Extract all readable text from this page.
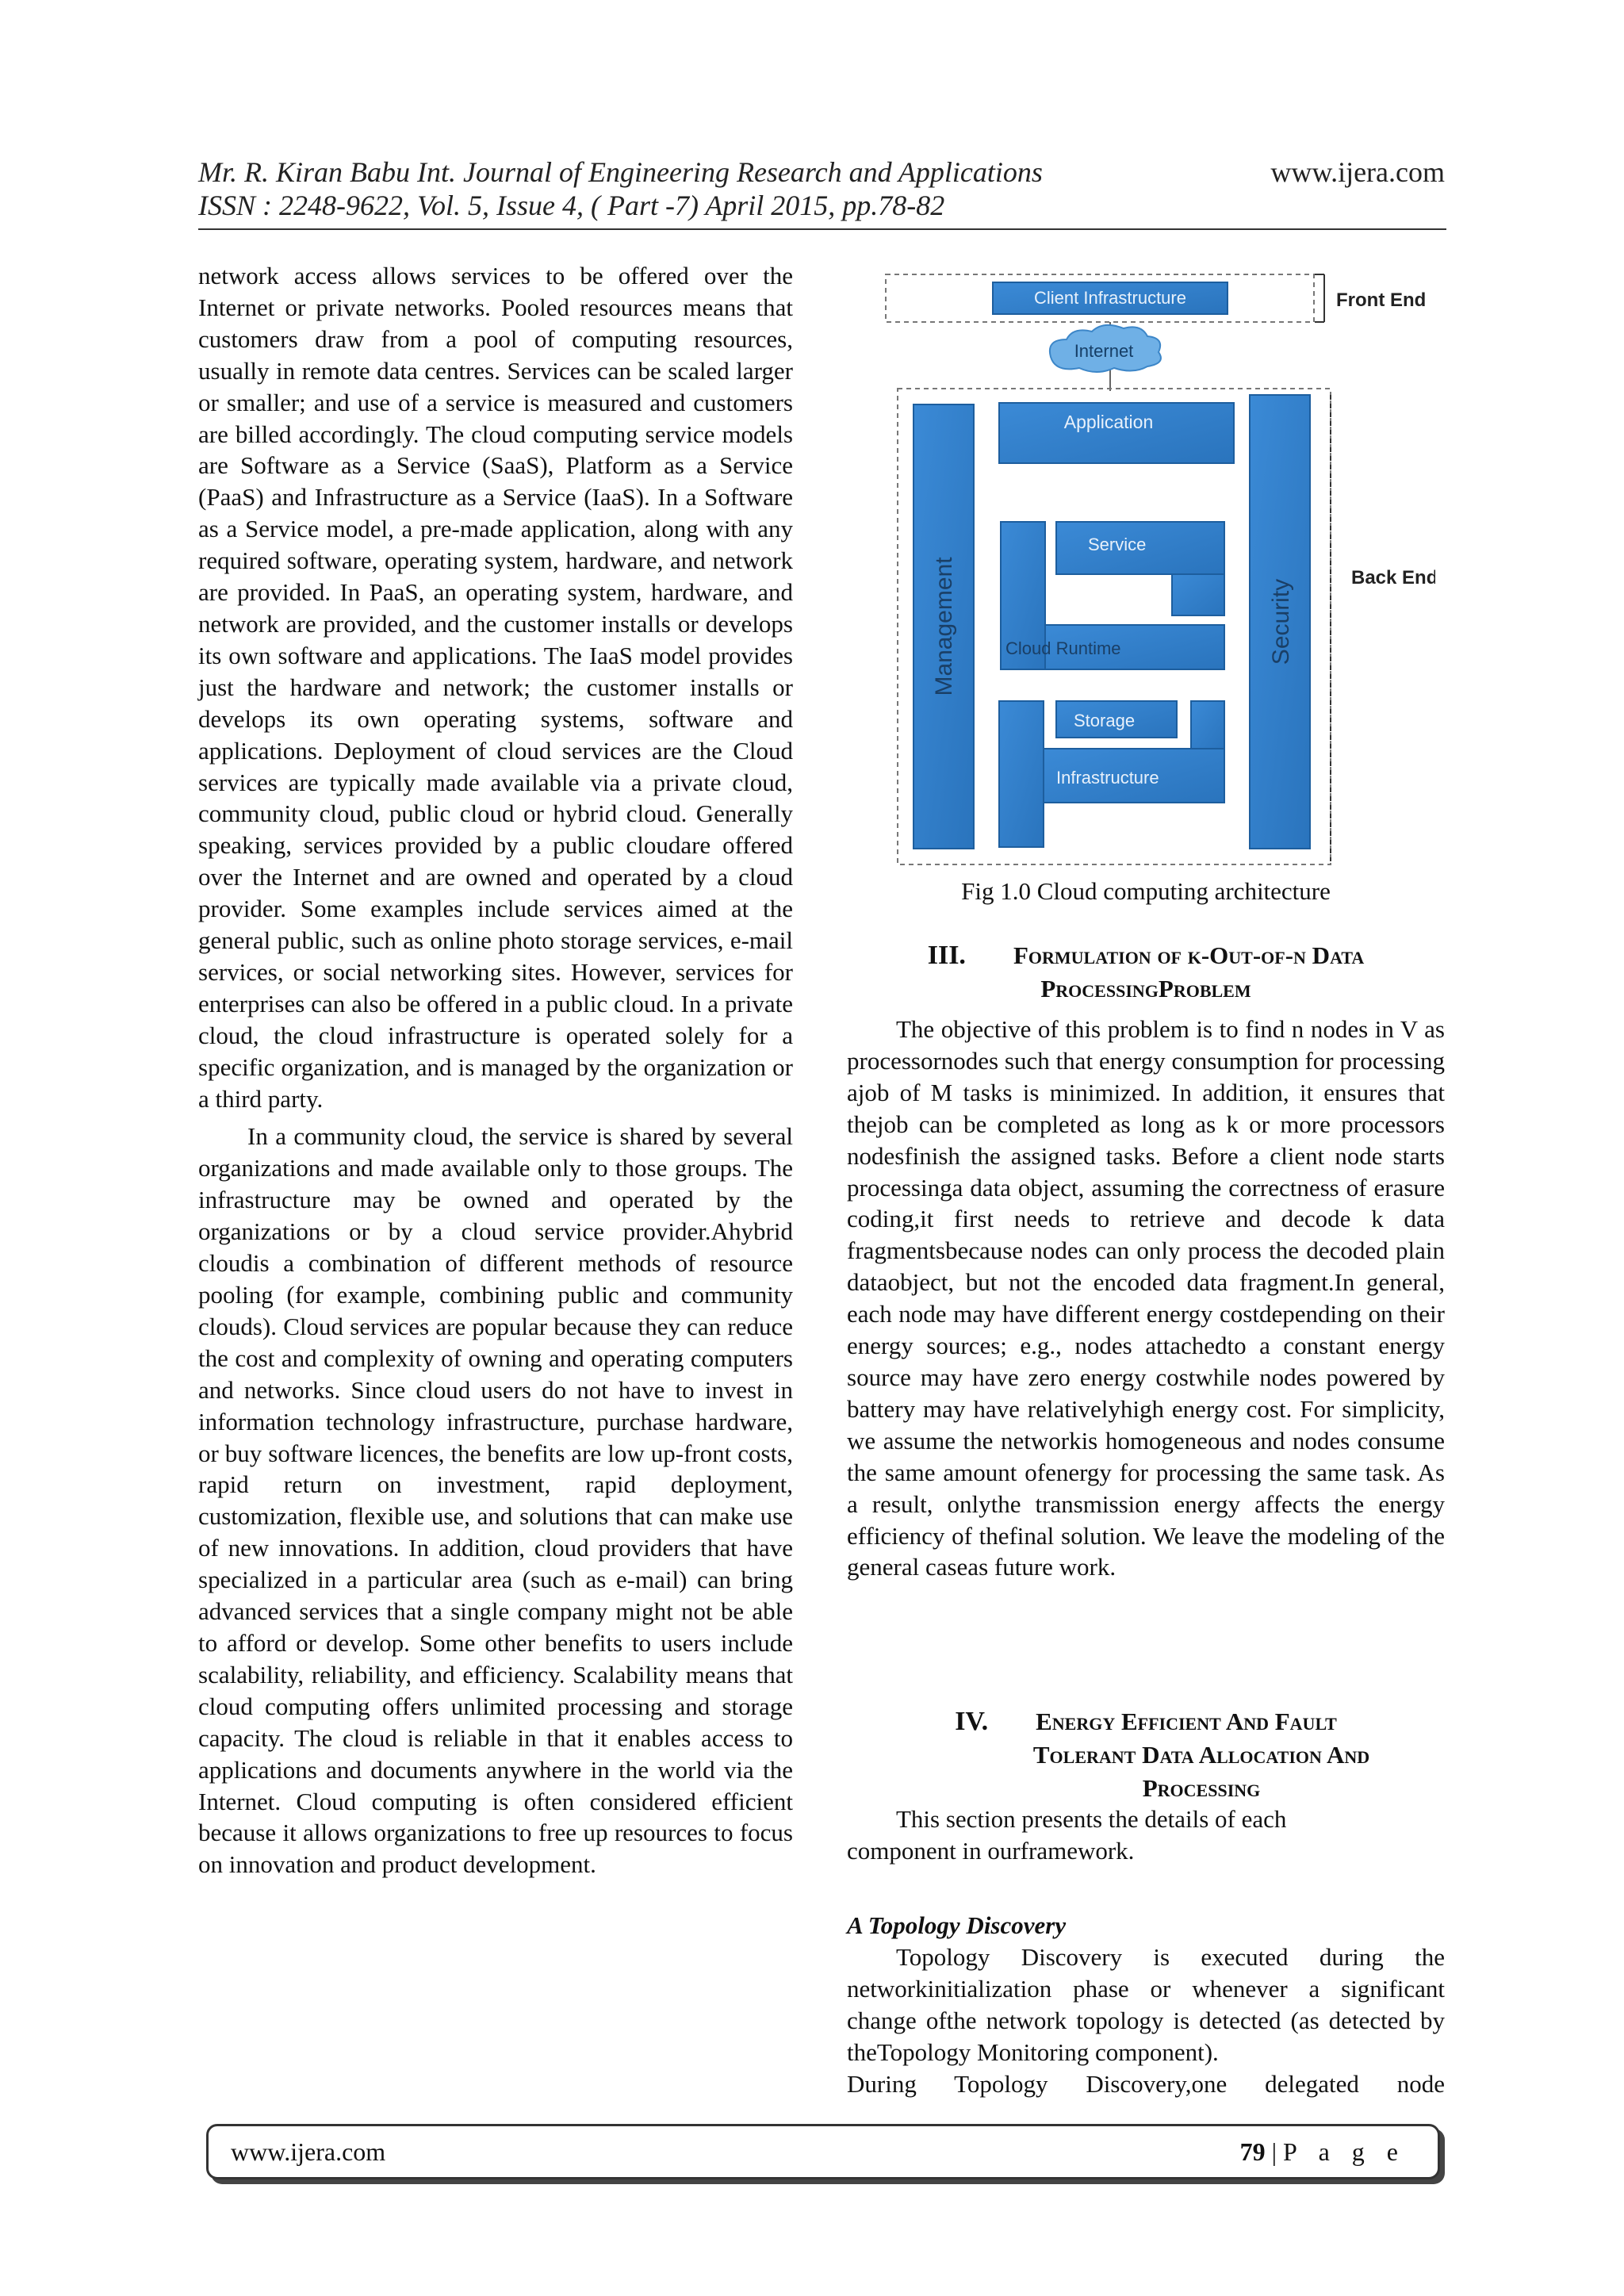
Mr. R. Kiran Babu Int. Journal of Engineering Research and Applications	www.ijera.com
ISSN : 2248-9622, Vol. 5, Issue 4, ( Part -7) April 2015, pp.78-82

network access allows services to be offered over the Internet or private networks. Pooled resources means that customers draw from a pool of computing resources, usually in remote data centres. Services can be scaled larger or smaller; and use of a service is measured and customers are billed accordingly. The cloud computing service models are Software as a Service (SaaS), Platform as a Service (PaaS) and Infrastructure as a Service (IaaS). In a Software as a Service model, a pre-made application, along with any required software, operating system, hardware, and network are provided. In PaaS, an operating system, hardware, and network are provided, and the customer installs or develops its own software and applications. The IaaS model provides just the hardware and network; the customer installs or develops its own operating systems, software and applications. Deployment of cloud services are the Cloud services are typically made available via a private cloud, community cloud, public cloud or hybrid cloud. Generally speaking, services provided by a public cloudare offered over the Internet and are owned and operated by a cloud provider. Some examples include services aimed at the general public, such as online photo storage services, e-mail services, or social networking sites. However, services for enterprises can also be offered in a public cloud. In a private cloud, the cloud infrastructure is operated solely for a specific organization, and is managed by the organization or a third party.

In a community cloud, the service is shared by several organizations and made available only to those groups. The infrastructure may be owned and operated by the organizations or by a cloud service provider.Ahybrid cloudis a combination of different methods of resource pooling (for example, combining public and community clouds). Cloud services are popular because they can reduce the cost and complexity of owning and operating computers and networks. Since cloud users do not have to invest in information technology infrastructure, purchase hardware, or buy software licences, the benefits are low up-front costs, rapid return on investment, rapid deployment, customization, flexible use, and solutions that can make use of new innovations. In addition, cloud providers that have specialized in a particular area (such as e-mail) can bring advanced services that a single company might not be able to afford or develop. Some other benefits to users include scalability, reliability, and efficiency. Scalability means that cloud computing offers unlimited processing and storage capacity. The cloud is reliable in that it enables access to applications and documents anywhere in the world via the Internet. Cloud computing is often considered efficient because it allows organizations to free up resources to focus on innovation and product development.

Client Infrastructure
Internet
Front End
Back End
Management	Security
Application
Service
Cloud Runtime
Storage
Infrastructure
Fig 1.0 Cloud computing architecture
III. Formulation of k-Out-of-n Data
ProcessingProblem

The objective of this problem is to find n nodes in V as processornodes such that energy consumption for processing ajob of M tasks is minimized. In addition, it ensures that thejob can be completed as long as k or more processors nodesfinish the assigned tasks. Before a client node starts processinga data object, assuming the correctness of erasure coding,it first needs to retrieve and decode k data fragmentsbecause nodes can only process the decoded plain dataobject, but not the encoded data fragment.In general, each node may have different energy costdepending on their energy sources; e.g., nodes attachedto a constant energy source may have zero energy costwhile nodes powered by battery may have relativelyhigh energy cost. For simplicity, we assume the networkis homogeneous and nodes consume the same amount ofenergy for processing the same task. As a result, onlythe transmission energy affects the energy efficiency of thefinal solution. We leave the modeling of the general caseas future work.

IV. Energy Efficient And Fault
Tolerant Data Allocation And
Processing
This section presents the details of each
component in ourframework.
A Topology Discovery

Topology Discovery is executed during the networkinitialization phase or whenever a significant change ofthe network topology is detected (as detected by theTopology Monitoring component).

During Topology Discovery,one delegated node

www.ijera.com	79 | P a g e
